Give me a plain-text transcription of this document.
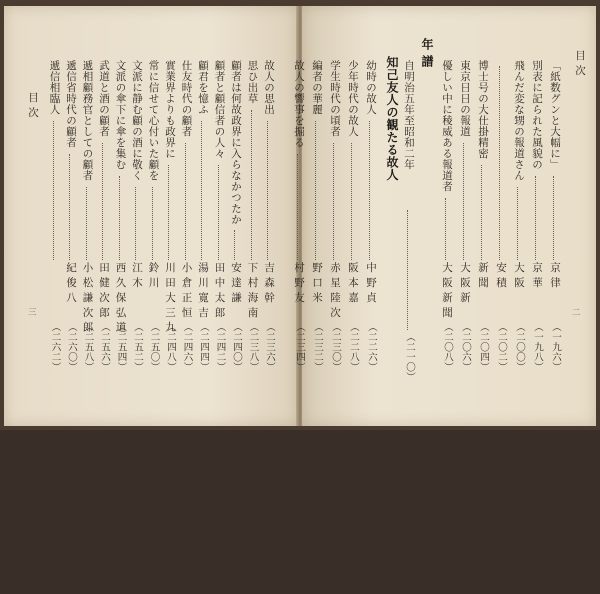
目 次
二
「紙数グンと大幅に」
京 律
（一九六）
別表に記られた風貌の
京 華
（一九八）
飛んだ変な甥の報道さん
大 阪
（二〇〇）
安 積
（二〇二）
博士号の大仕掛精密
新 聞
（二〇四）
東京日日の報道
大 阪 新
（二〇六）
優しい中に稜威ある報道者
大 阪 新 聞
（二〇八）
年 譜
自明治五年至昭和二年
（二一〇）
知己友人の観たる故人
幼時の故人
中 野 貞
（二二六）
少年時代の故人
阪 本 嘉
（二二八）
学生時代の頃者
赤 星 陸 次
（二三〇）
編者の華麗
野 口 米
（二三二）
故人の響事を掘る
村 野 友
（二三四）
目 次
三
故人の思出
吉 森 幹
（二三六）
思ひ出草
下 村 海 南
（二三八）
顧者は何故政界に入らなかつたか
安 達 謙
（二四〇）
顧者と顧信者の人々
田 中 太 郎
（二四二）
顧君を憶ふ
湯 川 寛 吉
（二四四）
仕友時代の顧者
小 倉 正 恒
（二四六）
實業界よりも政界に
川 田 大 三 九
（二四八）
常に信せて心付いた顧を
鈴 川
（二五〇）
文派に静む顧の酒に敬く
江 木
（二五二）
文派の傘下に傘を集む
西 久 保 弘 道
（二五四）
武道と酒の顧者
田 健 次 郎
（二五六）
遞相顧務官としての顧者
小 松 謙 次 郎
（二五八）
遞信省時代の顧者
紀 俊 八
（二六〇）
遞信相臨人
（二六二）
